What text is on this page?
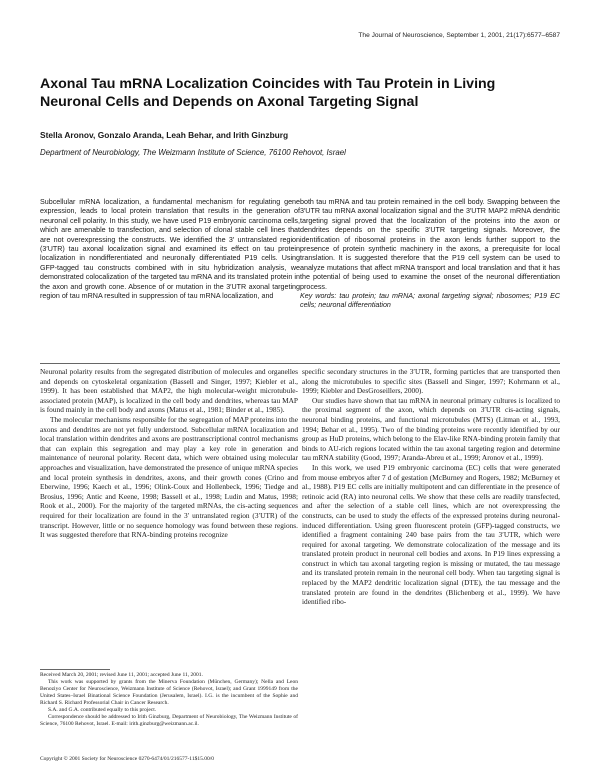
The Journal of Neuroscience, September 1, 2001, 21(17):6577–6587
Axonal Tau mRNA Localization Coincides with Tau Protein in Living Neuronal Cells and Depends on Axonal Targeting Signal
Stella Aronov, Gonzalo Aranda, Leah Behar, and Irith Ginzburg
Department of Neurobiology, The Weizmann Institute of Science, 76100 Rehovot, Israel
Subcellular mRNA localization, a fundamental mechanism for regulating gene expression, leads to local protein translation that results in the generation of neuronal cell polarity. In this study, we have used P19 embryonic carcinoma cells, which are amenable to transfection, and selection of clonal stable cell lines that are not overexpressing the constructs. We identified the 3′ untranslated region (3′UTR) tau axonal localization signal and examined its effect on tau protein localization in nondifferentiated and neuronally differentiated P19 cells. Using GFP-tagged tau constructs combined with in situ hybridization analysis, we demonstrated colocalization of the targeted tau mRNA and its translated protein in the axon and growth cone. Absence of or mutation in the 3′UTR axonal targeting region of tau mRNA resulted in suppression of tau mRNA localization, and
both tau mRNA and tau protein remained in the cell body. Swapping between the 3′UTR tau mRNA axonal localization signal and the 3′UTR MAP2 mRNA dendritic targeting signal proved that the localization of the proteins into the axon or dendrites depends on the specific 3′UTR targeting signals. Moreover, the identification of ribosomal proteins in the axon lends further support to the presence of protein synthetic machinery in the axons, a prerequisite for local translation. It is suggested therefore that the P19 cell system can be used to analyze mutations that affect mRNA transport and local translation and that it has the potential of being used to examine the onset of the neuronal differentiation process.
Key words: tau protein; tau mRNA; axonal targeting signal; ribosomes; P19 EC cells; neuronal differentiation

Neuronal polarity results from the segregated distribution of molecules and organelles and depends on cytoskeletal organization (Bassell and Singer, 1997; Kiebler et al., 1999). It has been established that MAP2, the high molecular-weight microtubule-associated protein (MAP), is localized in the cell body and dendrites, whereas tau MAP is found mainly in the cell body and axons (Matus et al., 1981; Binder et al., 1985).

The molecular mechanisms responsible for the segregation of MAP proteins into the axons and dendrites are not yet fully understood. Subcellular mRNA localization and local translation within dendrites and axons are posttranscriptional control mechanisms that can explain this segregation and may play a key role in generation and maintenance of neuronal polarity. Recent data, which were obtained using molecular approaches and visualization, have demonstrated the presence of unique mRNA species and local protein synthesis in dendrites, axons, and their growth cones (Crino and Eberwine, 1996; Kaech et al., 1996; Olink-Coux and Hollenbeck, 1996; Tiedge and Brosius, 1996; Antic and Keene, 1998; Bassell et al., 1998; Ludin and Matus, 1998; Rook et al., 2000). For the majority of the targeted mRNAs, the cis-acting sequences required for their localization are found in the 3′ untranslated region (3′UTR) of the transcript. However, little or no sequence homology was found between these regions. It was suggested therefore that RNA-binding proteins recognize

specific secondary structures in the 3′UTR, forming particles that are transported then along the microtubules to specific sites (Bassell and Singer, 1997; Kohrmann et al., 1999; Kiebler and DesGroseillers, 2000).

Our studies have shown that tau mRNA in neuronal primary cultures is localized to the proximal segment of the axon, which depends on 3′UTR cis-acting signals, neuronal binding proteins, and functional microtubules (MTS) (Litman et al., 1993, 1994; Behar et al., 1995). Two of the binding proteins were recently identified by our group as HuD proteins, which belong to the Elav-like RNA-binding protein family that binds to AU-rich regions located within the tau axonal targeting region and determine tau mRNA stability (Good, 1997; Aranda-Abreu et al., 1999; Aronov et al., 1999).

In this work, we used P19 embryonic carcinoma (EC) cells that were generated from mouse embryos after 7 d of gestation (McBurney and Rogers, 1982; McBurney et al., 1988). P19 EC cells are initially multipotent and can differentiate in the presence of retinoic acid (RA) into neuronal cells. We show that these cells are readily transfected, and after the selection of a stable cell lines, which are not overexpressing the constructs, can be used to study the effects of the expressed proteins during neuronal-induced differentiation. Using green fluorescent protein (GFP)-tagged constructs, we identified a fragment containing 240 base pairs from the tau 3′UTR, which were required for axonal targeting. We demonstrate colocalization of the message and its translated protein product in neuronal cell bodies and axons. In P19 lines expressing a construct in which tau axonal targeting region is missing or mutated, the tau message and its translated protein remain in the neuronal cell body. When tau targeting signal is replaced by the MAP2 dendritic localization signal (DTE), the tau message and the translated protein are found in the dendrites (Blichenberg et al., 1999). We have identified ribo-

Received March 20, 2001; revised June 11, 2001; accepted June 11, 2001.

This work was supported by grants from the Minerva Foundation (München, Germany); Nella and Leon Benoziyo Center for Neuroscience, Weizmann Institute of Science (Rehovot, Israel); and Grant 1999149 from the United States–Israel Binational Science Foundation (Jerusalem, Israel). I.G. is the incumbent of the Sophie and Richard S. Richard Professorial Chair in Cancer Research.

S.A. and G.A. contributed equally to this project.

Correspondence should be addressed to Irith Ginzburg, Department of Neurobiology, The Weizmann Institute of Science, 76100 Rehovot, Israel. E-mail: irith.ginzburg@weizmann.ac.il.

Copyright © 2001 Society for Neuroscience 0270-6474/01/216577-11$15.00/0
